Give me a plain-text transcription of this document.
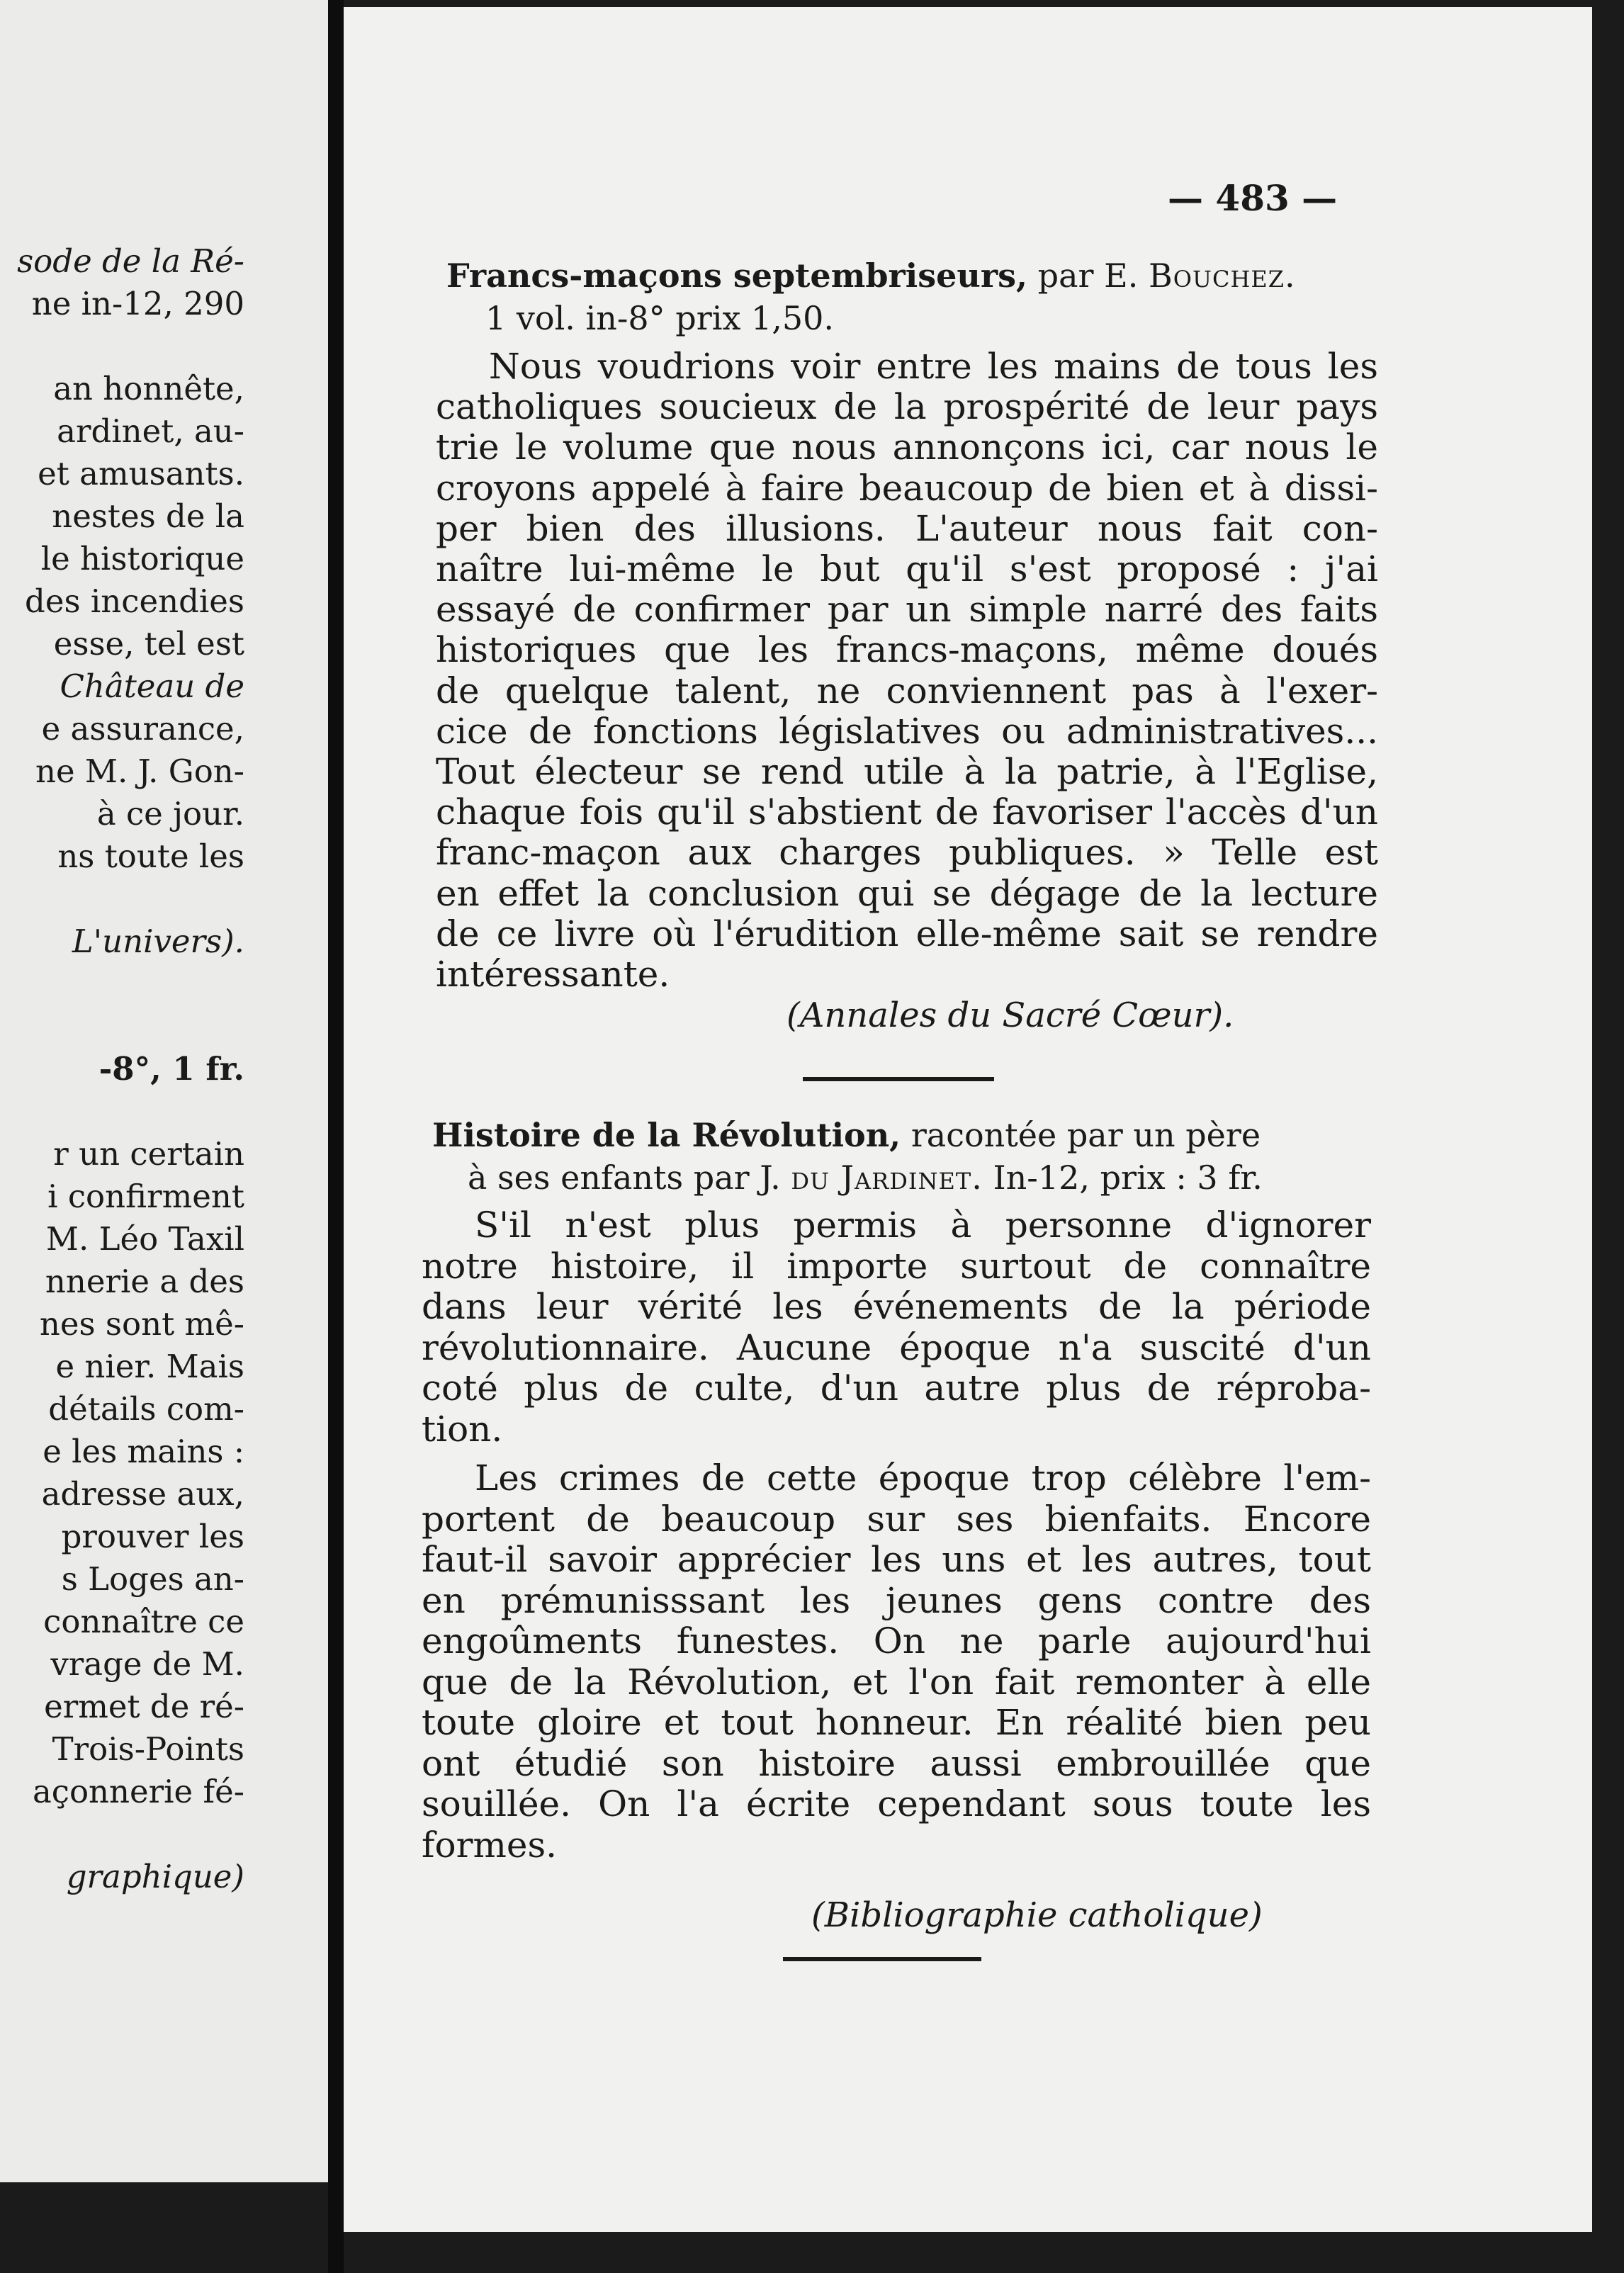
sode de la Ré-
ne in-12, 290
an honnête,
ardinet, au-
et amusants.
nestes de la
le historique
des incendies
esse, tel est
Château de
e assurance,
ne M. J. Gon-
à ce jour.
ns toute les
L'univers).
-8°, 1 fr.
r un certain
i confirment
M. Léo Taxil
nnerie a des
nes sont mê-
e nier. Mais
détails com-
e les mains :
adresse aux,
prouver les
s Loges an-
connaître ce
vrage de M.
ermet de ré-
Trois-Points
açonnerie fé-
graphique)
— 483 —
Francs-maçons septembriseurs, par E. Bouchez.
1 vol. in-8° prix 1,50.
(Annales du Sacré Cœur).
Histoire de la Révolution, racontée par un père
à ses enfants par J. du Jardinet. In-12, prix : 3 fr.
(Bibliographie catholique)
Nous voudrions voir entre les mains de tous les
catholiques soucieux de la prospérité de leur pays
trie le volume que nous annonçons ici, car nous le
croyons appelé à faire beaucoup de bien et à dissi-
per bien des illusions. L'auteur nous fait con-
naître lui-même le but qu'il s'est proposé : j'ai
essayé de confirmer par un simple narré des faits
historiques que les francs-maçons, même doués
de quelque talent, ne conviennent pas à l'exer-
cice de fonctions législatives ou administratives...
Tout électeur se rend utile à la patrie, à l'Eglise,
chaque fois qu'il s'abstient de favoriser l'accès d'un
franc-maçon aux charges publiques. » Telle est
en effet la conclusion qui se dégage de la lecture
de ce livre où l'érudition elle-même sait se rendre
intéressante.
S'il n'est plus permis à personne d'ignorer
notre histoire, il importe surtout de connaître
dans leur vérité les événements de la période
révolutionnaire. Aucune époque n'a suscité d'un
coté plus de culte, d'un autre plus de réproba-
tion.
Les crimes de cette époque trop célèbre l'em-
portent de beaucoup sur ses bienfaits. Encore
faut-il savoir apprécier les uns et les autres, tout
en prémunisssant les jeunes gens contre des
engoûments funestes. On ne parle aujourd'hui
que de la Révolution, et l'on fait remonter à elle
toute gloire et tout honneur. En réalité bien peu
ont étudié son histoire aussi embrouillée que
souillée. On l'a écrite cependant sous toute les
formes.
